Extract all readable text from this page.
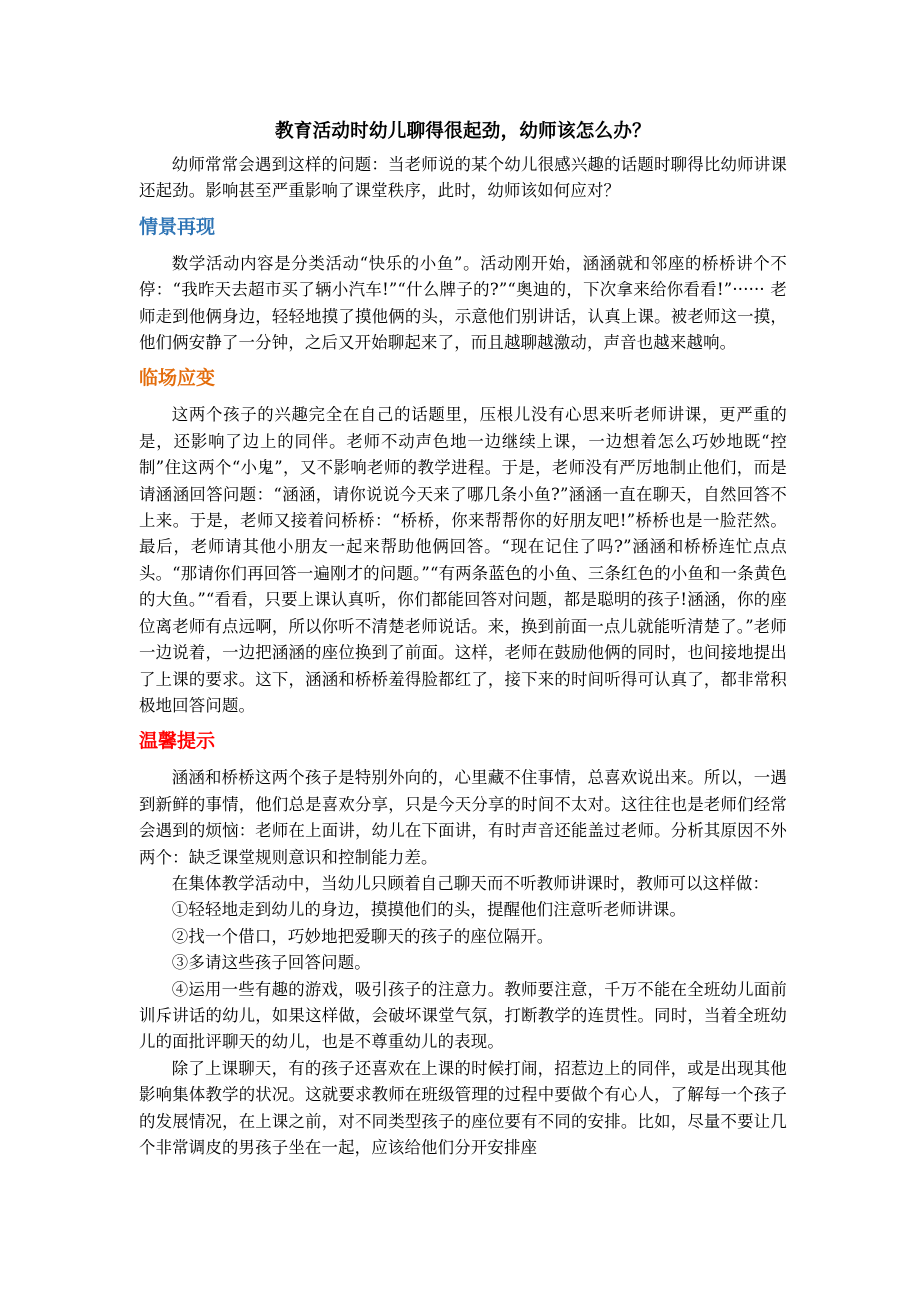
教育活动时幼儿聊得很起劲，幼师该怎么办？

幼师常常会遇到这样的问题：当老师说的某个幼儿很感兴趣的话题时聊得比幼师讲课还起劲。影响甚至严重影响了课堂秩序，此时，幼师该如何应对？

情景再现

数学活动内容是分类活动“快乐的小鱼”。活动刚开始，涵涵就和邻座的桥桥讲个不停：“我昨天去超市买了辆小汽车!”“什么牌子的?”“奥迪的，下次拿来给你看看!”······ 老师走到他俩身边，轻轻地摸了摸他俩的头，示意他们别讲话，认真上课。被老师这一摸，他们俩安静了一分钟，之后又开始聊起来了，而且越聊越激动，声音也越来越响。

临场应变

这两个孩子的兴趣完全在自己的话题里，压根儿没有心思来听老师讲课，更严重的是，还影响了边上的同伴。老师不动声色地一边继续上课，一边想着怎么巧妙地既“控制”住这两个“小鬼”，又不影响老师的教学进程。于是，老师没有严厉地制止他们，而是请涵涵回答问题：“涵涵，请你说说今天来了哪几条小鱼?”涵涵一直在聊天，自然回答不上来。于是，老师又接着问桥桥：“桥桥，你来帮帮你的好朋友吧!”桥桥也是一脸茫然。最后，老师请其他小朋友一起来帮助他俩回答。“现在记住了吗?”涵涵和桥桥连忙点点头。“那请你们再回答一遍刚才的问题。”“有两条蓝色的小鱼、三条红色的小鱼和一条黄色的大鱼。”“看看，只要上课认真听，你们都能回答对问题，都是聪明的孩子!涵涵，你的座位离老师有点远啊，所以你听不清楚老师说话。来，换到前面一点儿就能听清楚了。”老师一边说着，一边把涵涵的座位换到了前面。这样，老师在鼓励他俩的同时，也间接地提出了上课的要求。这下，涵涵和桥桥羞得脸都红了，接下来的时间听得可认真了，都非常积极地回答问题。

温馨提示

涵涵和桥桥这两个孩子是特别外向的，心里藏不住事情，总喜欢说出来。所以，一遇到新鲜的事情，他们总是喜欢分享，只是今天分享的时间不太对。这往往也是老师们经常会遇到的烦恼：老师在上面讲，幼儿在下面讲，有时声音还能盖过老师。分析其原因不外两个：缺乏课堂规则意识和控制能力差。

在集体教学活动中，当幼儿只顾着自己聊天而不听教师讲课时，教师可以这样做：

①轻轻地走到幼儿的身边，摸摸他们的头，提醒他们注意听老师讲课。

②找一个借口，巧妙地把爱聊天的孩子的座位隔开。

③多请这些孩子回答问题。

④运用一些有趣的游戏，吸引孩子的注意力。教师要注意，千万不能在全班幼儿面前训斥讲话的幼儿，如果这样做，会破坏课堂气氛，打断教学的连贯性。同时，当着全班幼儿的面批评聊天的幼儿，也是不尊重幼儿的表现。

除了上课聊天，有的孩子还喜欢在上课的时候打闹，招惹边上的同伴，或是出现其他影响集体教学的状况。这就要求教师在班级管理的过程中要做个有心人，了解每一个孩子的发展情况，在上课之前，对不同类型孩子的座位要有不同的安排。比如，尽量不要让几个非常调皮的男孩子坐在一起，应该给他们分开安排座
